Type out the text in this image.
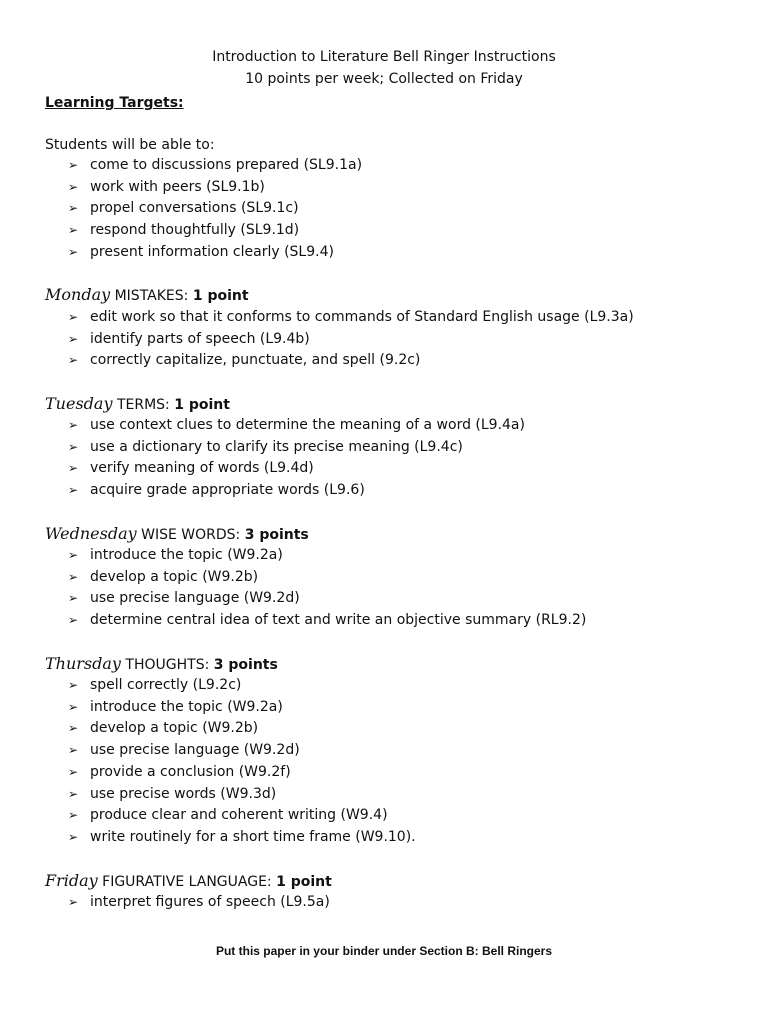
Introduction to Literature Bell Ringer Instructions
10 points per week; Collected on Friday
Learning Targets:
Students will be able to:
➢ come to discussions prepared (SL9.1a)
➢ work with peers (SL9.1b)
➢ propel conversations (SL9.1c)
➢ respond thoughtfully (SL9.1d)
➢ present information clearly (SL9.4)
Monday MISTAKES: 1 point
➢ edit work so that it conforms to commands of Standard English usage (L9.3a)
➢ identify parts of speech (L9.4b)
➢ correctly capitalize, punctuate, and spell (9.2c)
Tuesday TERMS: 1 point
➢ use context clues to determine the meaning of a word (L9.4a)
➢ use a dictionary to clarify its precise meaning (L9.4c)
➢ verify meaning of words (L9.4d)
➢ acquire grade appropriate words (L9.6)
Wednesday WISE WORDS: 3 points
➢ introduce the topic (W9.2a)
➢ develop a topic (W9.2b)
➢ use precise language (W9.2d)
➢ determine central idea of text and write an objective summary (RL9.2)
Thursday THOUGHTS: 3 points
➢ spell correctly (L9.2c)
➢ introduce the topic (W9.2a)
➢ develop a topic (W9.2b)
➢ use precise language (W9.2d)
➢ provide a conclusion (W9.2f)
➢ use precise words (W9.3d)
➢ produce clear and coherent writing (W9.4)
➢ write routinely for a short time frame (W9.10).
Friday FIGURATIVE LANGUAGE: 1 point
➢ interpret figures of speech (L9.5a)
Put this paper in your binder under Section B: Bell Ringers
